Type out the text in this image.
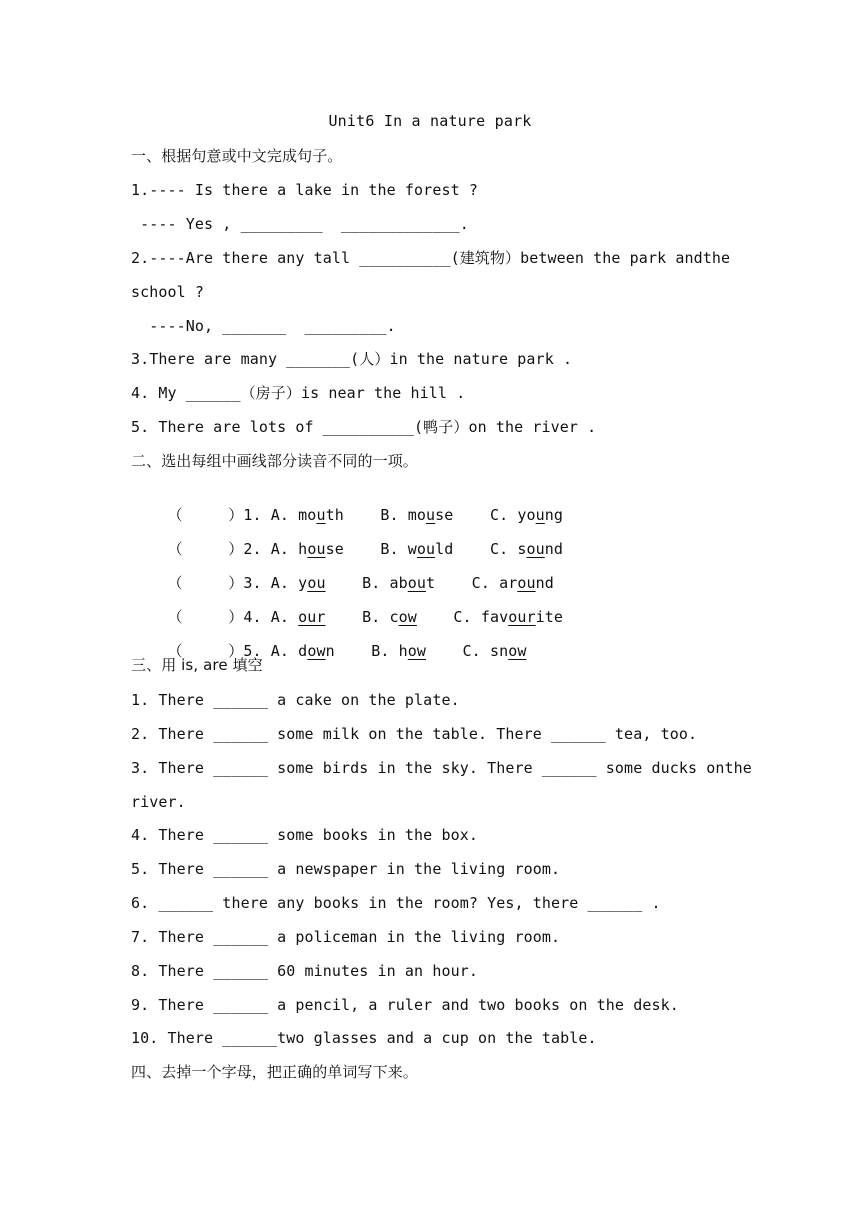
Unit6 In a nature park
一、根据句意或中文完成句子。
1.---- Is there a lake in the forest ?
---- Yes , _________  _____________.
2.----Are there any tall __________(建筑物）between the park and the
school ?
----No, _______  _________.
3.There are many _______(人）in the nature park .
4. My ______（房子）is near the hill .
5. There are lots of __________(鸭子）on the river .
二、选出每组中画线部分读音不同的一项。

（     ）1. A. mouth    B. mouse    C. young

（     ）2. A. house    B. would    C. sound

（     ）3. A. you    B. about    C. around

（     ）4. A. our    B. cow    C. favourite

（     ）5. A. down    B. how    C. snow

三、用 is, are 填空
1. There ______ a cake on the plate.
2. There ______ some milk on the table. There ______ tea, too.
3. There ______ some birds in the sky. There ______ some ducks on the
river.
4. There ______ some books in the box.
5. There ______ a newspaper in the living room.
6. ______ there any books in the room? Yes, there ______ .
7. There ______ a policeman in the living room.
8. There ______ 60 minutes in an hour.
9. There ______ a pencil, a ruler and two books on the desk.
10. There ______two glasses and a cup on the table.
四、去掉一个字母，把正确的单词写下来。
